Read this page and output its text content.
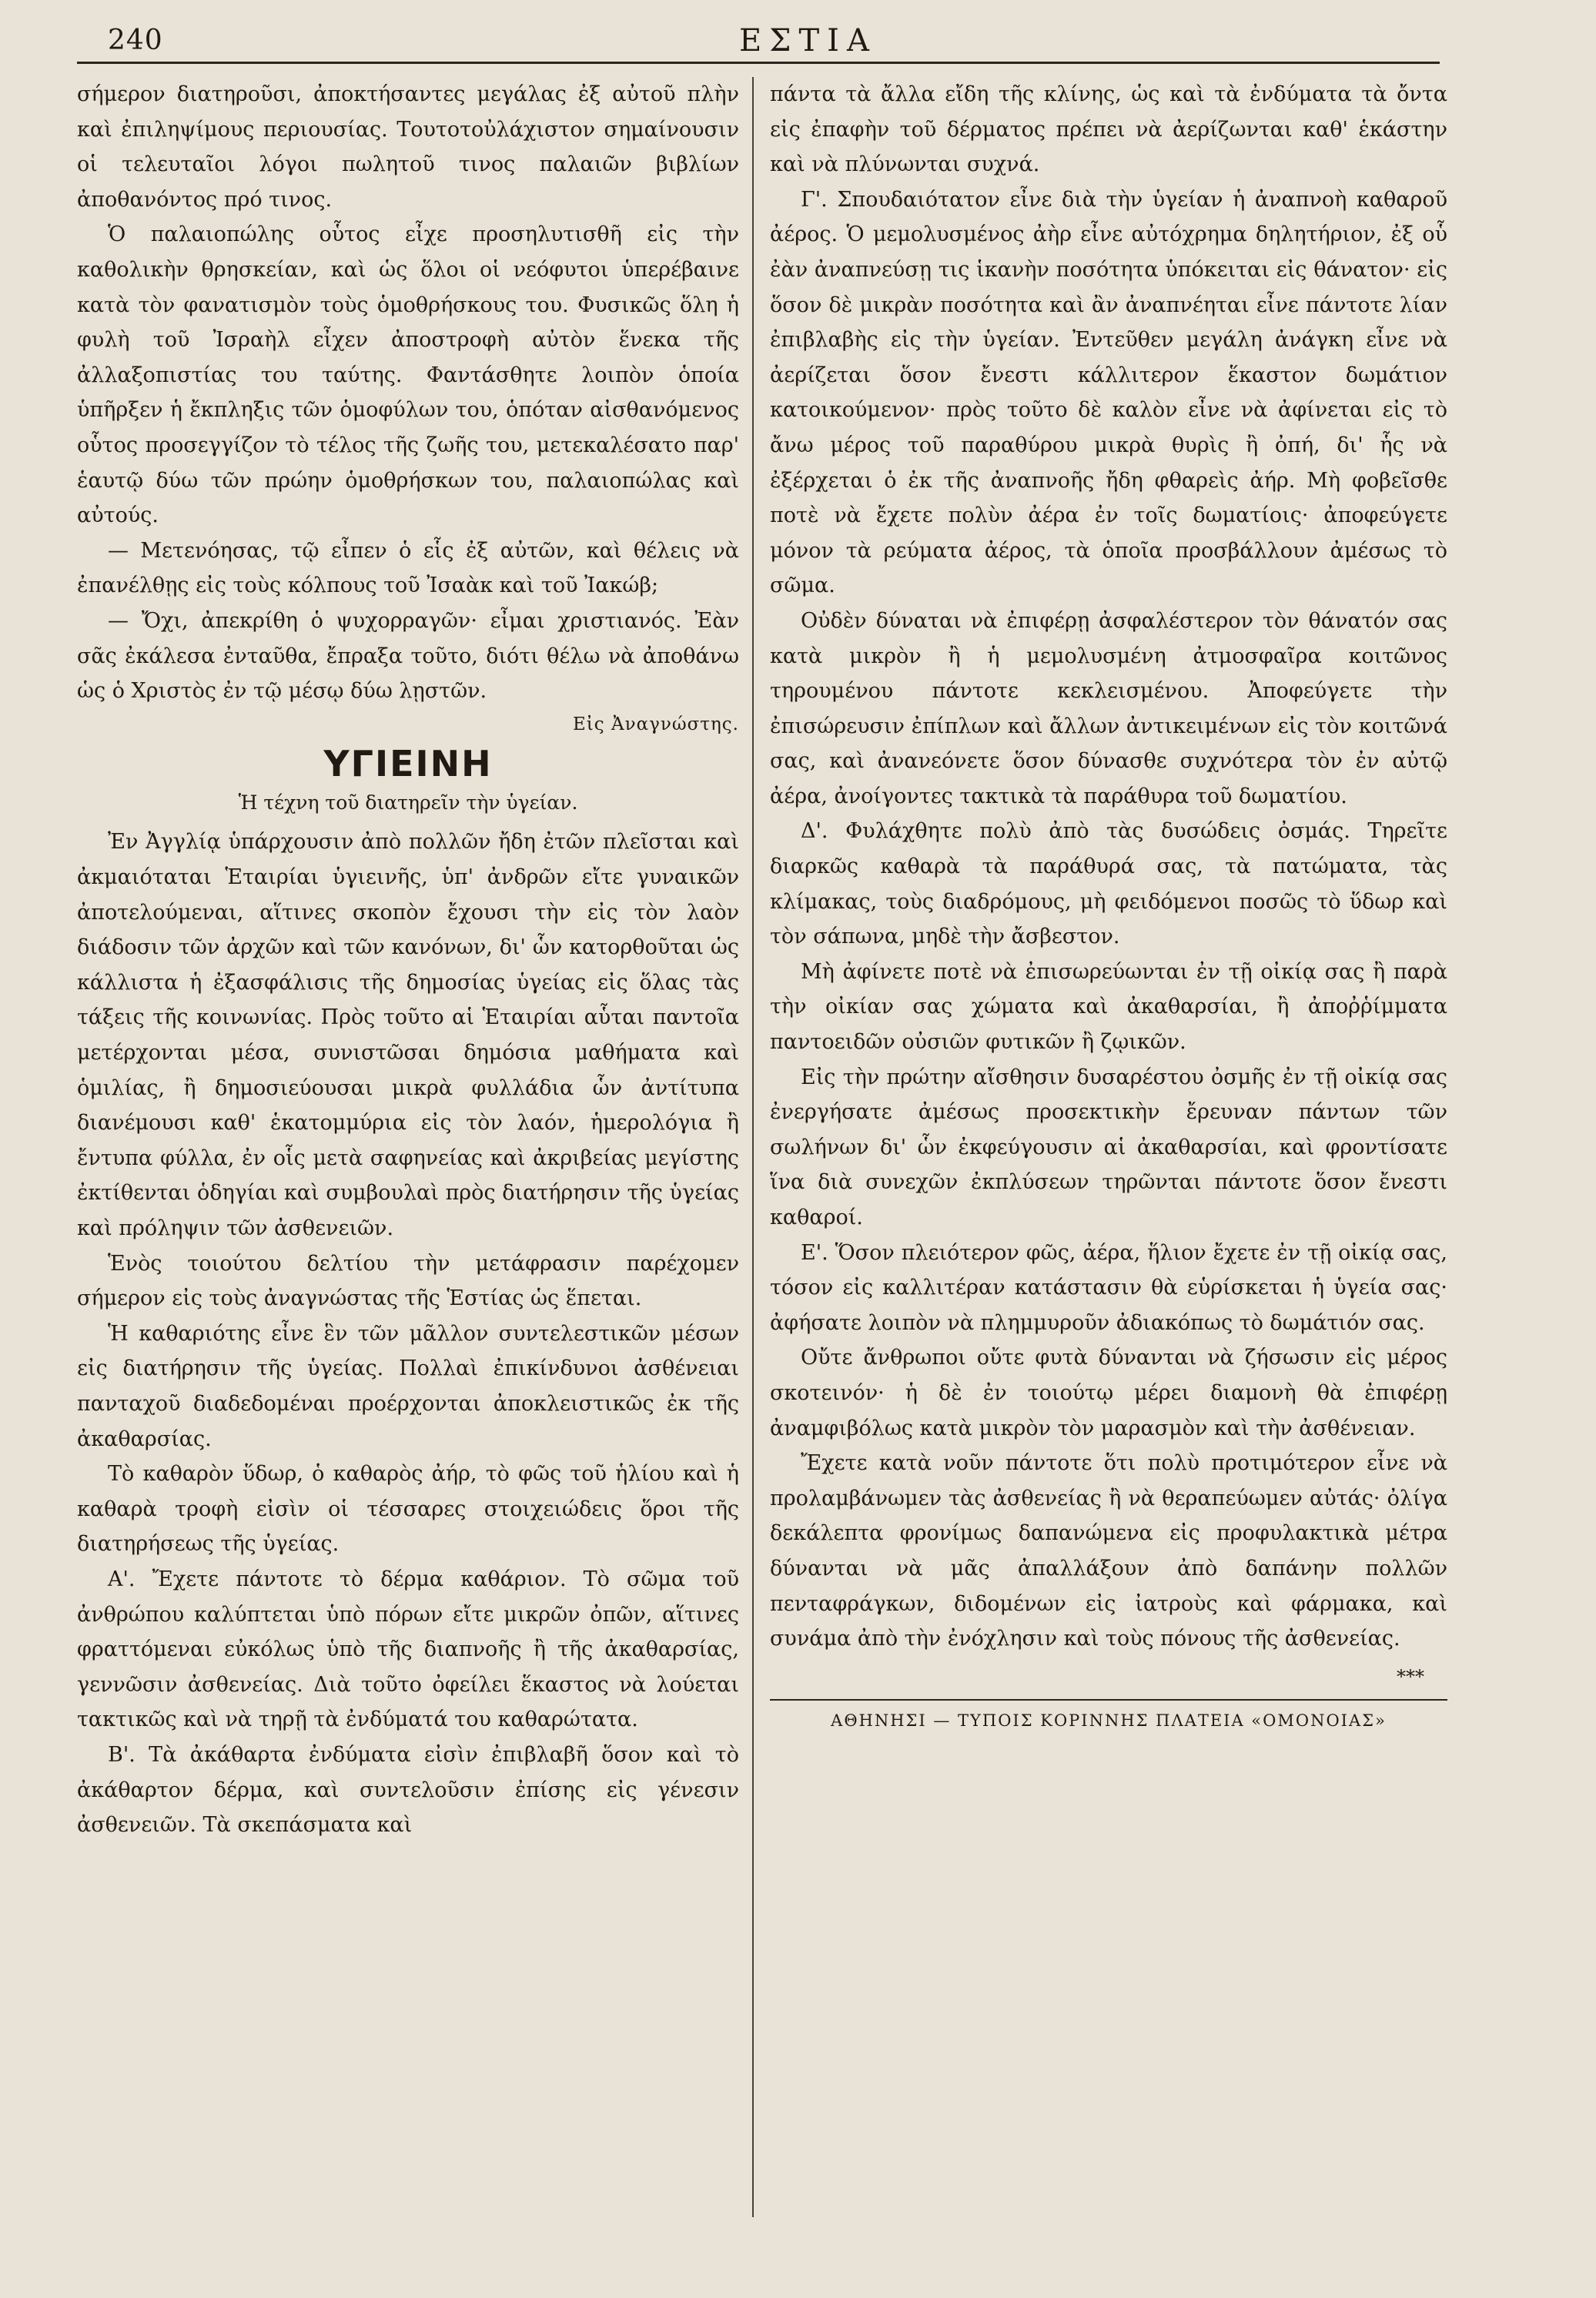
240	ΕΣΤΙΑ

σήμερον διατηροῦσι, ἀποκτήσαντες μεγάλας ἐξ αὐτοῦ πλὴν καὶ ἐπιληψίμους περιουσίας. Τουτοτοὐλάχιστον σημαίνουσιν οἱ τελευταῖοι λόγοι πωλητοῦ τινος παλαιῶν βιβλίων ἀποθανόντος πρό τινος.

Ὁ παλαιοπώλης οὗτος εἶχε προσηλυτισθῆ εἰς τὴν καθολικὴν θρησκείαν, καὶ ὡς ὅλοι οἱ νεόφυτοι ὑπερέβαινε κατὰ τὸν φανατισμὸν τοὺς ὁμοθρήσκους του. Φυσικῶς ὅλη ἡ φυλὴ τοῦ Ἰσραὴλ εἶχεν ἀποστροφὴ αὐτὸν ἕνεκα τῆς ἀλλαξοπιστίας του ταύτης. Φαντάσθητε λοιπὸν ὁποία ὑπῆρξεν ἡ ἔκπληξις τῶν ὁμοφύλων του, ὁπόταν αἰσθανόμενος οὗτος προσεγγίζον τὸ τέλος τῆς ζωῆς του, μετεκαλέσατο παρ' ἑαυτῷ δύω τῶν πρώην ὁμοθρήσκων του, παλαιοπώλας καὶ αὐτούς.

— Μετενόησας, τῷ εἶπεν ὁ εἷς ἐξ αὐτῶν, καὶ θέλεις νὰ ἐπανέλθῃς εἰς τοὺς κόλπους τοῦ Ἰσαὰκ καὶ τοῦ Ἰακώβ;

— Ὄχι, ἀπεκρίθη ὁ ψυχορραγῶν· εἶμαι χριστιανός. Ἐὰν σᾶς ἐκάλεσα ἐνταῦθα, ἔπραξα τοῦτο, διότι θέλω νὰ ἀποθάνω ὡς ὁ Χριστὸς ἐν τῷ μέσῳ δύω λῃστῶν.

Εἰς Ἀναγνώστης.
ΥΓΙΕΙΝΗ
Ἡ τέχνη τοῦ διατηρεῖν τὴν ὑγείαν.

Ἐν Ἀγγλίᾳ ὑπάρχουσιν ἀπὸ πολλῶν ἤδη ἐτῶν πλεῖσται καὶ ἀκμαιόταται Ἑταιρίαι ὑγιεινῆς, ὑπ' ἀνδρῶν εἴτε γυναικῶν ἀποτελούμεναι, αἵτινες σκοπὸν ἔχουσι τὴν εἰς τὸν λαὸν διάδοσιν τῶν ἀρχῶν καὶ τῶν κανόνων, δι' ὧν κατορθοῦται ὡς κάλλιστα ἡ ἐξασφάλισις τῆς δημοσίας ὑγείας εἰς ὅλας τὰς τάξεις τῆς κοινωνίας. Πρὸς τοῦτο αἱ Ἑταιρίαι αὗται παντοῖα μετέρχονται μέσα, συνιστῶσαι δημόσια μαθήματα καὶ ὁμιλίας, ἢ δημοσιεύουσαι μικρὰ φυλλάδια ὧν ἀντίτυπα διανέμουσι καθ' ἑκατομμύρια εἰς τὸν λαόν, ἡμερολόγια ἢ ἔντυπα φύλλα, ἐν οἷς μετὰ σαφηνείας καὶ ἀκριβείας μεγίστης ἐκτίθενται ὁδηγίαι καὶ συμβουλαὶ πρὸς διατήρησιν τῆς ὑγείας καὶ πρόληψιν τῶν ἀσθενειῶν.

Ἑνὸς τοιούτου δελτίου τὴν μετάφρασιν παρέχομεν σήμερον εἰς τοὺς ἀναγνώστας τῆς Ἑστίας ὡς ἕπεται.

Ἡ καθαριότης εἶνε ἓν τῶν μᾶλλον συντελεστικῶν μέσων εἰς διατήρησιν τῆς ὑγείας. Πολλαὶ ἐπικίνδυνοι ἀσθένειαι πανταχοῦ διαδεδομέναι προέρχονται ἀποκλειστικῶς ἐκ τῆς ἀκαθαρσίας.

Τὸ καθαρὸν ὕδωρ, ὁ καθαρὸς ἀήρ, τὸ φῶς τοῦ ἡλίου καὶ ἡ καθαρὰ τροφὴ εἰσὶν οἱ τέσσαρες στοιχειώδεις ὅροι τῆς διατηρήσεως τῆς ὑγείας.

Α'. Ἔχετε πάντοτε τὸ δέρμα καθάριον. Τὸ σῶμα τοῦ ἀνθρώπου καλύπτεται ὑπὸ πόρων εἴτε μικρῶν ὀπῶν, αἵτινες φραττόμεναι εὐκόλως ὑπὸ τῆς διαπνοῆς ἢ τῆς ἀκαθαρσίας, γεννῶσιν ἀσθενείας. Διὰ τοῦτο ὀφείλει ἕκαστος νὰ λούεται τακτικῶς καὶ νὰ τηρῇ τὰ ἐνδύματά του καθαρώτατα.

Β'. Τὰ ἀκάθαρτα ἐνδύματα εἰσὶν ἐπιβλαβῆ ὅσον καὶ τὸ ἀκάθαρτον δέρμα, καὶ συντελοῦσιν ἐπίσης εἰς γένεσιν ἀσθενειῶν. Τὰ σκεπάσματα καὶ

πάντα τὰ ἄλλα εἴδη τῆς κλίνης, ὡς καὶ τὰ ἐνδύματα τὰ ὄντα εἰς ἐπαφὴν τοῦ δέρματος πρέπει νὰ ἀερίζωνται καθ' ἑκάστην καὶ νὰ πλύνωνται συχνά.

Γ'. Σπουδαιότατον εἶνε διὰ τὴν ὑγείαν ἡ ἀναπνοὴ καθαροῦ ἀέρος. Ὁ μεμολυσμένος ἀὴρ εἶνε αὐτόχρημα δηλητήριον, ἐξ οὗ ἐὰν ἀναπνεύσῃ τις ἱκανὴν ποσότητα ὑπόκειται εἰς θάνατον· εἰς ὅσον δὲ μικρὰν ποσότητα καὶ ἂν ἀναπνέηται εἶνε πάντοτε λίαν ἐπιβλαβὴς εἰς τὴν ὑγείαν. Ἐντεῦθεν μεγάλη ἀνάγκη εἶνε νὰ ἀερίζεται ὅσον ἔνεστι κάλλιτερον ἕκαστον δωμάτιον κατοικούμενον· πρὸς τοῦτο δὲ καλὸν εἶνε νὰ ἀφίνεται εἰς τὸ ἄνω μέρος τοῦ παραθύρου μικρὰ θυρὶς ἢ ὀπή, δι' ἧς νὰ ἐξέρχεται ὁ ἐκ τῆς ἀναπνοῆς ἤδη φθαρεὶς ἀήρ. Μὴ φοβεῖσθε ποτὲ νὰ ἔχετε πολὺν ἀέρα ἐν τοῖς δωματίοις· ἀποφεύγετε μόνον τὰ ρεύματα ἀέρος, τὰ ὁποῖα προσβάλλουν ἀμέσως τὸ σῶμα.

Οὐδὲν δύναται νὰ ἐπιφέρῃ ἀσφαλέστερον τὸν θάνατόν σας κατὰ μικρὸν ἢ ἡ μεμολυσμένη ἀτμοσφαῖρα κοιτῶνος τηρουμένου πάντοτε κεκλεισμένου. Ἀποφεύγετε τὴν ἐπισώρευσιν ἐπίπλων καὶ ἄλλων ἀντικειμένων εἰς τὸν κοιτῶνά σας, καὶ ἀνανεόνετε ὅσον δύνασθε συχνότερα τὸν ἐν αὐτῷ ἀέρα, ἀνοίγοντες τακτικὰ τὰ παράθυρα τοῦ δωματίου.

Δ'. Φυλάχθητε πολὺ ἀπὸ τὰς δυσώδεις ὀσμάς. Τηρεῖτε διαρκῶς καθαρὰ τὰ παράθυρά σας, τὰ πατώματα, τὰς κλίμακας, τοὺς διαδρόμους, μὴ φειδόμενοι ποσῶς τὸ ὕδωρ καὶ τὸν σάπωνα, μηδὲ τὴν ἄσβεστον.

Μὴ ἀφίνετε ποτὲ νὰ ἐπισωρεύωνται ἐν τῇ οἰκίᾳ σας ἢ παρὰ τὴν οἰκίαν σας χώματα καὶ ἀκαθαρσίαι, ἢ ἀποῤῥίμματα παντοειδῶν οὐσιῶν φυτικῶν ἢ ζῳικῶν.

Εἰς τὴν πρώτην αἴσθησιν δυσαρέστου ὀσμῆς ἐν τῇ οἰκίᾳ σας ἐνεργήσατε ἀμέσως προσεκτικὴν ἔρευναν πάντων τῶν σωλήνων δι' ὧν ἐκφεύγουσιν αἱ ἀκαθαρσίαι, καὶ φροντίσατε ἵνα διὰ συνεχῶν ἐκπλύσεων τηρῶνται πάντοτε ὅσον ἔνεστι καθαροί.

Ε'. Ὅσον πλειότερον φῶς, ἀέρα, ἥλιον ἔχετε ἐν τῇ οἰκίᾳ σας, τόσον εἰς καλλιτέραν κατάστασιν θὰ εὑρίσκεται ἡ ὑγεία σας· ἀφήσατε λοιπὸν νὰ πλημμυροῦν ἀδιακόπως τὸ δωμάτιόν σας.

Οὔτε ἄνθρωποι οὔτε φυτὰ δύνανται νὰ ζήσωσιν εἰς μέρος σκοτεινόν· ἡ δὲ ἐν τοιούτῳ μέρει διαμονὴ θὰ ἐπιφέρῃ ἀναμφιβόλως κατὰ μικρὸν τὸν μαρασμὸν καὶ τὴν ἀσθένειαν.

Ἔχετε κατὰ νοῦν πάντοτε ὅτι πολὺ προτιμότερον εἶνε νὰ προλαμβάνωμεν τὰς ἀσθενείας ἢ νὰ θεραπεύωμεν αὐτάς· ὀλίγα δεκάλεπτα φρονίμως δαπανώμενα εἰς προφυλακτικὰ μέτρα δύνανται νὰ μᾶς ἀπαλλάξουν ἀπὸ δαπάνην πολλῶν πενταφράγκων, διδομένων εἰς ἰατροὺς καὶ φάρμακα, καὶ συνάμα ἀπὸ τὴν ἐνόχλησιν καὶ τοὺς πόνους τῆς ἀσθενείας.

***
ΑΘΗΝΗΣΙ — ΤΥΠΟΙΣ ΚΟΡΙΝΝΗΣ ΠΛΑΤΕΙΑ «ΟΜΟΝΟΙΑΣ»
